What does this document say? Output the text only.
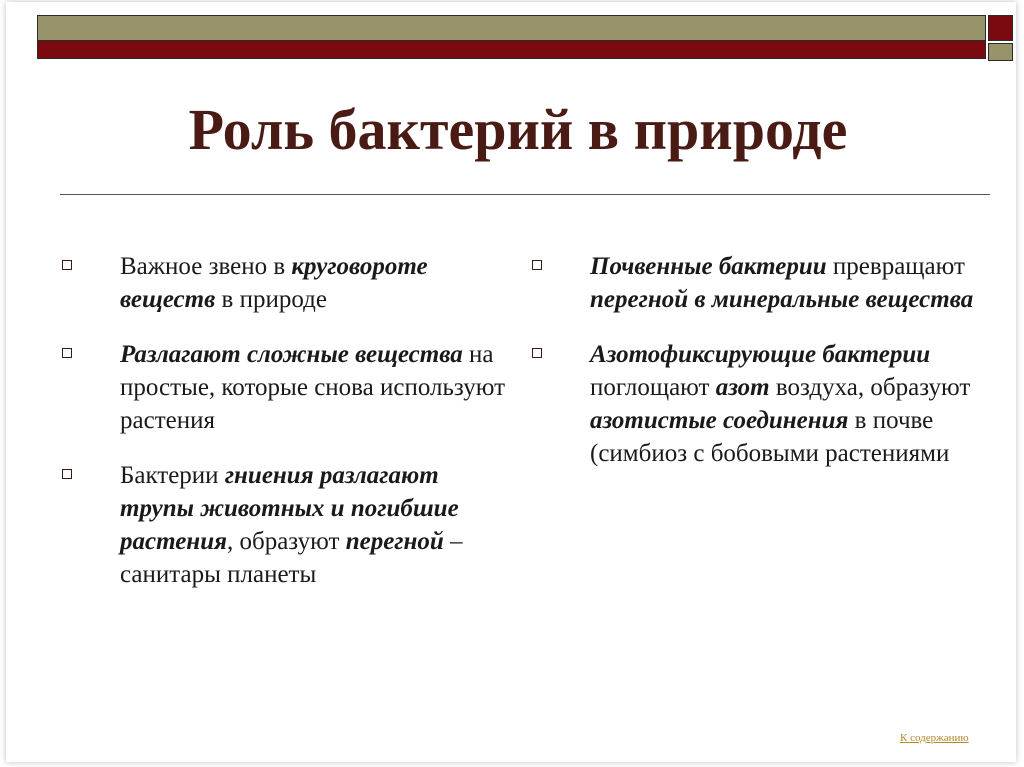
Роль бактерий в природе
Важное звено в круговороте веществ в природе
Разлагают сложные вещества на простые, которые снова используют растения
Бактерии гниения разлагают трупы животных и погибшие растения, образуют перегной – санитары планеты
Почвенные бактерии превращают перегной в минеральные вещества
Азотофиксирующие бактерии поглощают азот воздуха, образуют азотистые соединения в почве (симбиоз с бобовыми растениями
К содержанию
